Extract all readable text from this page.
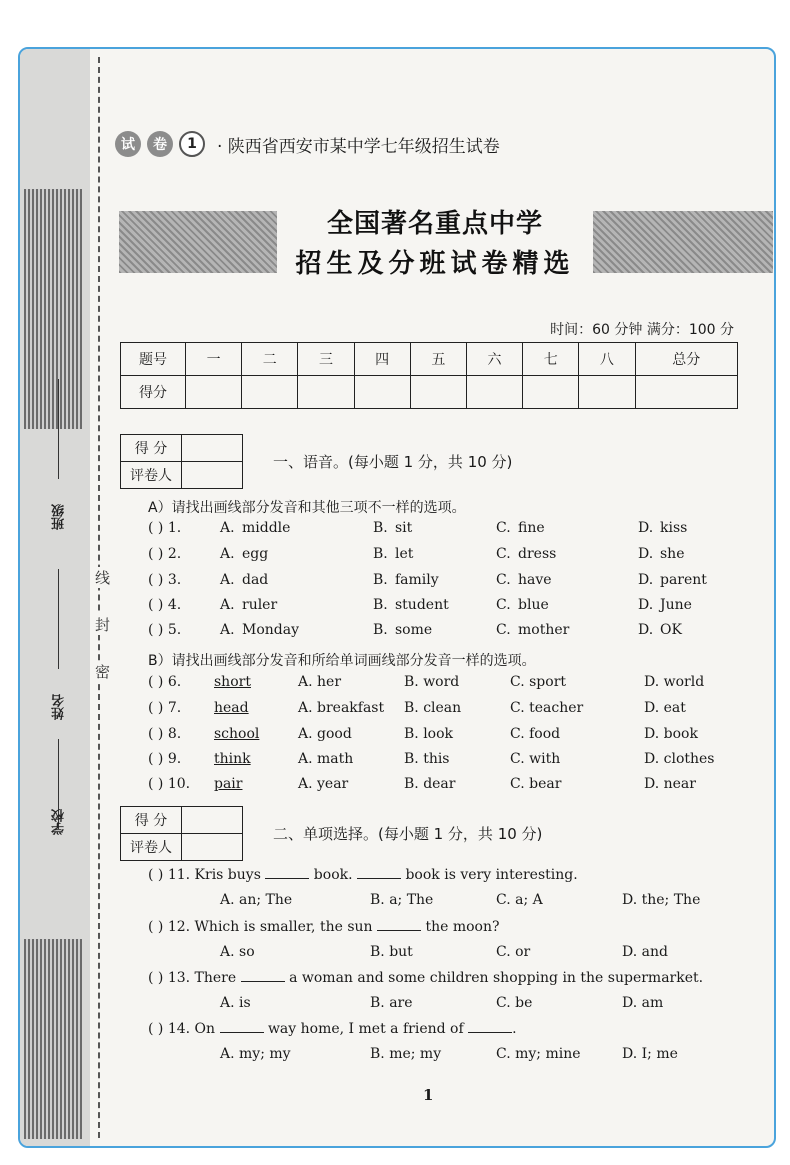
班级
姓名
学校
线
封
密
试	卷	1	· 陕西省西安市某中学七年级招生试卷
全国著名重点中学
招生及分班试卷精选
时间：60 分钟 满分：100 分
题号	一	二	三	四	五	六	七	八	总分
得分									
得 分	
评卷人	
一、语音。(每小题 1 分，共 10 分)
A）请找出画线部分发音和其他三项不一样的选项。
( ) 1.	A. middle	B. sit	C. fine	D. kiss
( ) 2.	A. egg	B. let	C. dress	D. she
( ) 3.	A. dad	B. family	C. have	D. parent
( ) 4.	A. ruler	B. student	C. blue	D. June
( ) 5.	A. Monday	B. some	C. mother	D. OK
B）请找出画线部分发音和所给单词画线部分发音一样的选项。
( ) 6. short	A. her	B. word	C. sport	D. world
( ) 7. head	A. breakfast B. clean	C. teacher	D. eat
( ) 8. school	A. good	B. look	C. food	D. book
( ) 9. think	A. math	B. this	C. with	D. clothes
( ) 10. pair	A. year	B. dear	C. bear	D. near
得 分	
评卷人	
二、单项选择。(每小题 1 分，共 10 分)
( ) 11. Kris buys	book.	book is very interesting.
A. an; The	B. a; The	C. a; A	D. the; The
( ) 12. Which is smaller, the sun	the moon?
A. so	B. but	C. or	D. and
( ) 13. There	a woman and some children shopping in the supermarket.
A. is	B. are	C. be	D. am
( ) 14. On	way home, I met a friend of	.
A. my; my	B. me; my	C. my; mine	D. I; me
1
